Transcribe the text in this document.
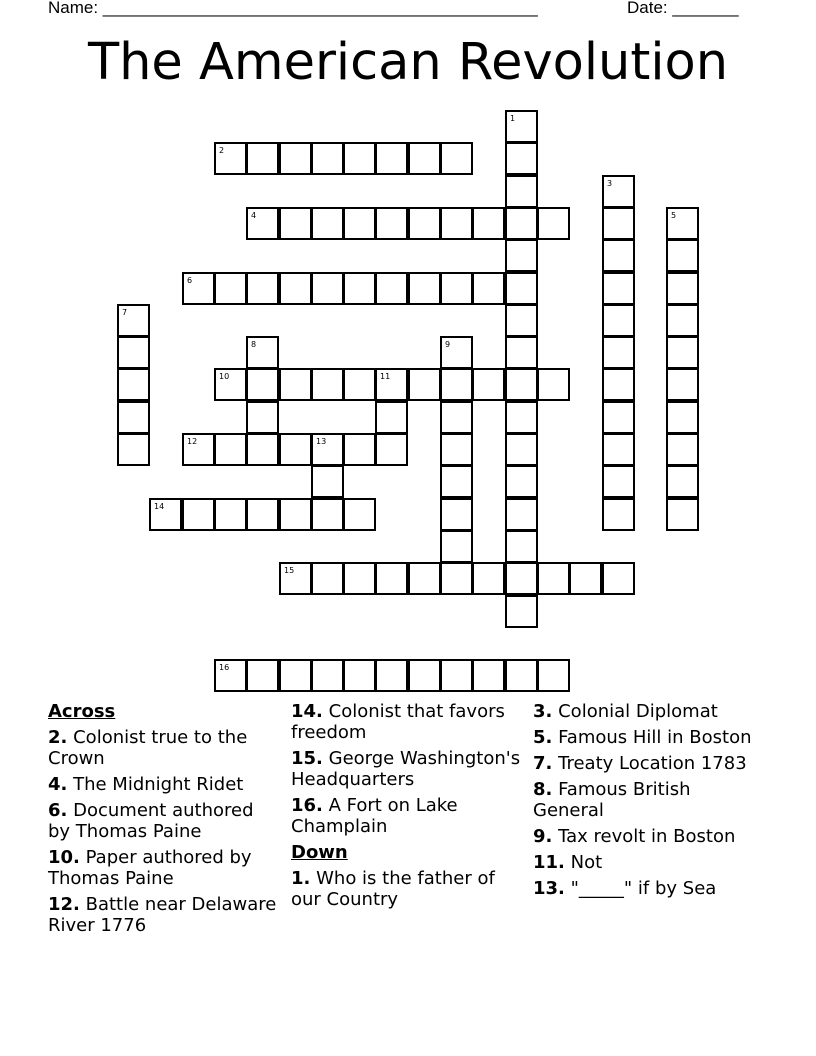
Name: ______________________________________________	Date: _______
The American Revolution
1
2
3
4	5
6
7
8	9
10	11
12	13
14
15
16
Across
2. Colonist true to the Crown
4. The Midnight Ridet
6. Document authored by Thomas Paine
10. Paper authored by Thomas Paine
12. Battle near Delaware River 1776
14. Colonist that favors freedom
15. George Washington's Headquarters
16. A Fort on Lake Champlain
Down
1. Who is the father of our Country
3. Colonial Diplomat
5. Famous Hill in Boston
7. Treaty Location 1783
8. Famous British General
9. Tax revolt in Boston
11. Not
13. "_____" if by Sea
